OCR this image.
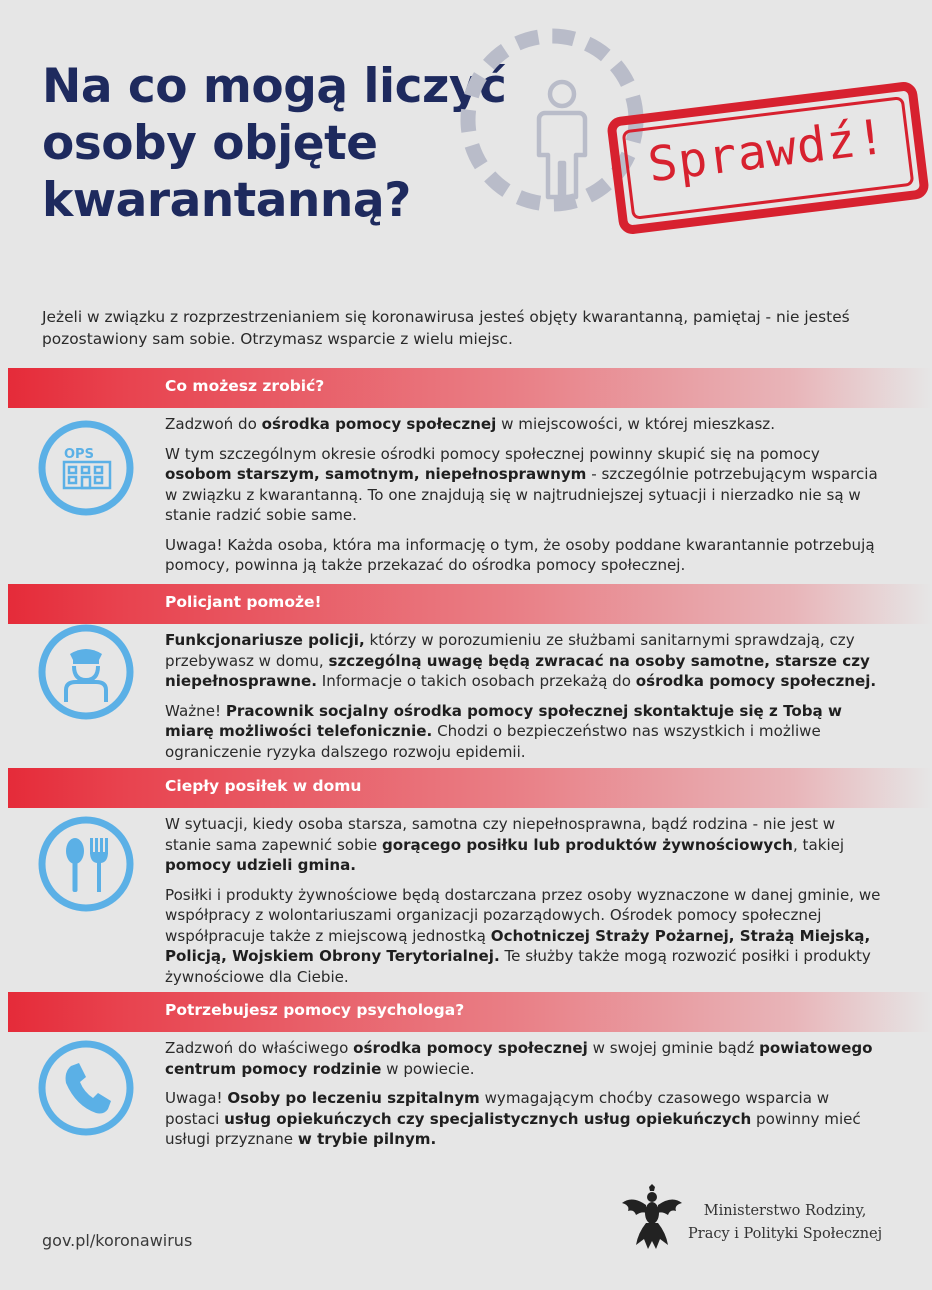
Na co mogą liczyć
osoby objęte
kwarantanną?
Sprawdź!
Jeżeli w związku z rozprzestrzenianiem się koronawirusa jesteś objęty kwarantanną, pamiętaj - nie jesteś pozostawiony sam sobie. Otrzymasz wsparcie z wielu miejsc.
Co możesz zrobić?
OPS

Zadzwoń do ośrodka pomocy społecznej w miejscowości, w której mieszkasz.

W tym szczególnym okresie ośrodki pomocy społecznej powinny skupić się na pomocy osobom starszym, samotnym, niepełnosprawnym - szczególnie potrzebującym wsparcia w związku z kwarantanną. To one znajdują się w najtrudniejszej sytuacji i nierzadko nie są w stanie radzić sobie same.

Uwaga! Każda osoba, która ma informację o tym, że osoby poddane kwarantannie potrzebują pomocy, powinna ją także przekazać do ośrodka pomocy społecznej.

Policjant pomoże!

Funkcjonariusze policji, którzy w porozumieniu ze służbami sanitarnymi sprawdzają, czy przebywasz w domu, szczególną uwagę będą zwracać na osoby samotne, starsze czy niepełnosprawne. Informacje o takich osobach przekażą do ośrodka pomocy społecznej.

Ważne! Pracownik socjalny ośrodka pomocy społecznej skontaktuje się z Tobą w miarę możliwości telefonicznie. Chodzi o bezpieczeństwo nas wszystkich i możliwe ograniczenie ryzyka dalszego rozwoju epidemii.

Ciepły posiłek w domu

W sytuacji, kiedy osoba starsza, samotna czy niepełnosprawna, bądź rodzina - nie jest w stanie sama zapewnić sobie gorącego posiłku lub produktów żywnościowych, takiej pomocy udzieli gmina.

Posiłki i produkty żywnościowe będą dostarczana przez osoby wyznaczone w danej gminie, we współpracy z wolontariuszami organizacji pozarządowych. Ośrodek pomocy społecznej współpracuje także z miejscową jednostką Ochotniczej Straży Pożarnej, Strażą Miejską, Policją, Wojskiem Obrony Terytorialnej. Te służby także mogą rozwozić posiłki i produkty żywnościowe dla Ciebie.

Potrzebujesz pomocy psychologa?

Zadzwoń do właściwego ośrodka pomocy społecznej w swojej gminie bądź powiatowego centrum pomocy rodzinie w powiecie.

Uwaga! Osoby po leczeniu szpitalnym wymagającym choćby czasowego wsparcia w postaci usług opiekuńczych czy specjalistycznych usług opiekuńczych powinny mieć usługi przyznane w trybie pilnym.

gov.pl/koronawirus
Ministerstwo Rodziny,
Pracy i Polityki Społecznej
